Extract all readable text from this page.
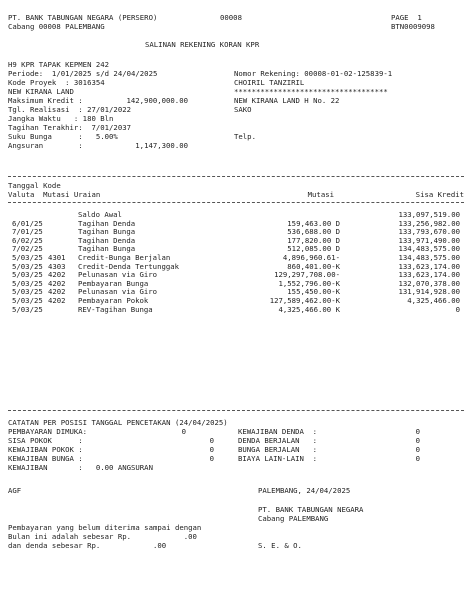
PT. BANK TABUNGAN NEGARA (PERSERO)	00008	PAGE  1
Cabang 00008 PALEMBANG	BTN0009098
SALINAN REKENING KORAN KPR
H9 KPR TAPAK KEPMEN 242
Periode:  1/01/2025 s/d 24/04/2025
Kode Proyek  : 3016354
NEW KIRANA LAND
Maksimum Kredit :	142,900,000.00
Tgl. Realisasi  : 27/01/2022
Jangka Waktu   : 180 Bln
Tagihan Terakhir:  7/01/2037
Suku Bunga      :   5.00%
Angsuran        :	1,147,300.00
Nomor Rekening: 00008-01-02-125839-1
CHOIRIL TANZIRIL
***********************************
NEW KIRANA LAND H No. 22
SAKO
Telp.
Tanggal Kode
Valuta  Mutasi Uraian	Mutasi	Sisa Kredit
Saldo Awal	133,097,519.00
6/01/25	Tagihan Denda	159,463.00 D	133,256,982.00
7/01/25	Tagihan Bunga	536,688.00 D	133,793,670.00
6/02/25	Tagihan Denda	177,820.00 D	133,971,490.00
7/02/25	Tagihan Bunga	512,085.00 D	134,483,575.00
5/03/25 4301 Credit-Bunga Berjalan	4,896,960.61-	134,483,575.00
5/03/25 4303 Credit-Denda Tertunggak	860,401.00-K	133,623,174.00
5/03/25 4202 Pelunasan via Giro	129,297,708.00-	133,623,174.00
5/03/25 4202 Pembayaran Bunga	1,552,796.00-K	132,070,378.00
5/03/25 4202 Pelunasan via Giro	155,450.00-K	131,914,928.00
5/03/25 4202 Pembayaran Pokok	127,589,462.00-K	4,325,466.00
5/03/25	REV-Tagihan Bunga	4,325,466.00 K	0
CATATAN PER POSISI TANGGAL PENCETAKAN (24/04/2025)
PEMBAYARAN DIMUKA:	0
SISA POKOK      :	0
KEWAJIBAN POKOK :	0
KEWAJIBAN BUNGA :	0
KEWAJIBAN DENDA  :	0
DENDA BERJALAN   :	0
BUNGA BERJALAN   :	0
BIAYA LAIN-LAIN  :	0
KEWAJIBAN       :   0.00 ANGSURAN
AGF	PALEMBANG, 24/04/2025
PT. BANK TABUNGAN NEGARA
Cabang PALEMBANG
Pembayaran yang belum diterima sampai dengan
Bulan ini adalah sebesar Rp.            .00
dan denda sebesar Rp.            .00	S. E. & O.
